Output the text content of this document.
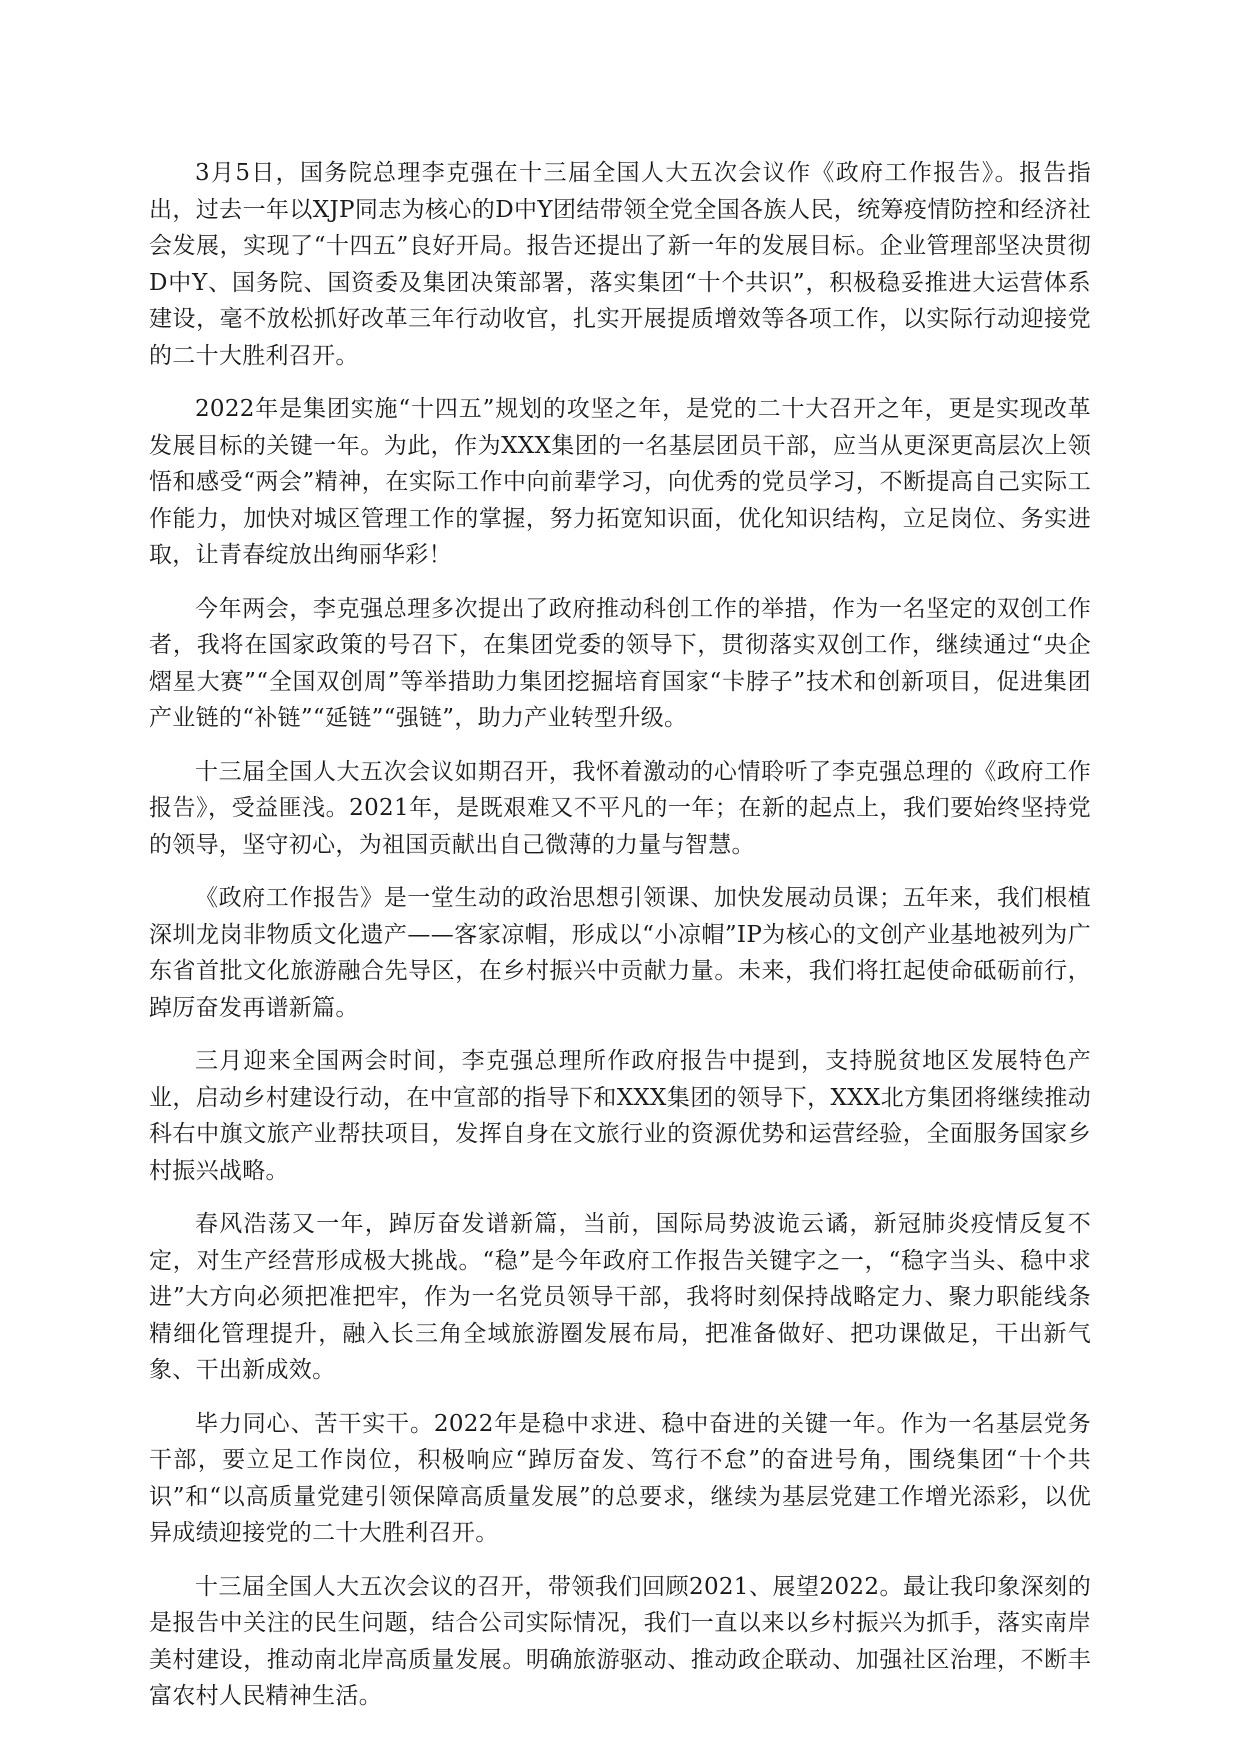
3月5日，国务院总理李克强在十三届全国人大五次会议作《政府工作报告》。报告指出，过去一年以XJP同志为核心的D中Y团结带领全党全国各族人民，统筹疫情防控和经济社会发展，实现了“十四五”良好开局。报告还提出了新一年的发展目标。企业管理部坚决贯彻D中Y、国务院、国资委及集团决策部署，落实集团“十个共识”，积极稳妥推进大运营体系建设，毫不放松抓好改革三年行动收官，扎实开展提质增效等各项工作，以实际行动迎接党的二十大胜利召开。

2022年是集团实施“十四五”规划的攻坚之年，是党的二十大召开之年，更是实现改革发展目标的关键一年。为此，作为XXX集团的一名基层团员干部，应当从更深更高层次上领悟和感受“两会”精神，在实际工作中向前辈学习，向优秀的党员学习，不断提高自己实际工作能力，加快对城区管理工作的掌握，努力拓宽知识面，优化知识结构，立足岗位、务实进取，让青春绽放出绚丽华彩！

今年两会，李克强总理多次提出了政府推动科创工作的举措，作为一名坚定的双创工作者，我将在国家政策的号召下，在集团党委的领导下，贯彻落实双创工作，继续通过“央企熠星大赛”“全国双创周”等举措助力集团挖掘培育国家“卡脖子”技术和创新项目，促进集团产业链的“补链”“延链”“强链”，助力产业转型升级。

十三届全国人大五次会议如期召开，我怀着激动的心情聆听了李克强总理的《政府工作报告》，受益匪浅。2021年，是既艰难又不平凡的一年；在新的起点上，我们要始终坚持党的领导，坚守初心，为祖国贡献出自己微薄的力量与智慧。

《政府工作报告》是一堂生动的政治思想引领课、加快发展动员课；五年来，我们根植深圳龙岗非物质文化遗产——客家凉帽，形成以“小凉帽”IP为核心的文创产业基地被列为广东省首批文化旅游融合先导区，在乡村振兴中贡献力量。未来，我们将扛起使命砥砺前行，踔厉奋发再谱新篇。

三月迎来全国两会时间，李克强总理所作政府报告中提到，支持脱贫地区发展特色产业，启动乡村建设行动，在中宣部的指导下和XXX集团的领导下，XXX北方集团将继续推动科右中旗文旅产业帮扶项目，发挥自身在文旅行业的资源优势和运营经验，全面服务国家乡村振兴战略。

春风浩荡又一年，踔厉奋发谱新篇，当前，国际局势波诡云谲，新冠肺炎疫情反复不定，对生产经营形成极大挑战。“稳”是今年政府工作报告关键字之一，“稳字当头、稳中求进”大方向必须把准把牢，作为一名党员领导干部，我将时刻保持战略定力、聚力职能线条精细化管理提升，融入长三角全域旅游圈发展布局，把准备做好、把功课做足，干出新气象、干出新成效。

毕力同心、苦干实干。2022年是稳中求进、稳中奋进的关键一年。作为一名基层党务干部，要立足工作岗位，积极响应“踔厉奋发、笃行不怠”的奋进号角，围绕集团“十个共识”和“以高质量党建引领保障高质量发展”的总要求，继续为基层党建工作增光添彩，以优异成绩迎接党的二十大胜利召开。

十三届全国人大五次会议的召开，带领我们回顾2021、展望2022。最让我印象深刻的是报告中关注的民生问题，结合公司实际情况，我们一直以来以乡村振兴为抓手，落实南岸美村建设，推动南北岸高质量发展。明确旅游驱动、推动政企联动、加强社区治理，不断丰富农村人民精神生活。
